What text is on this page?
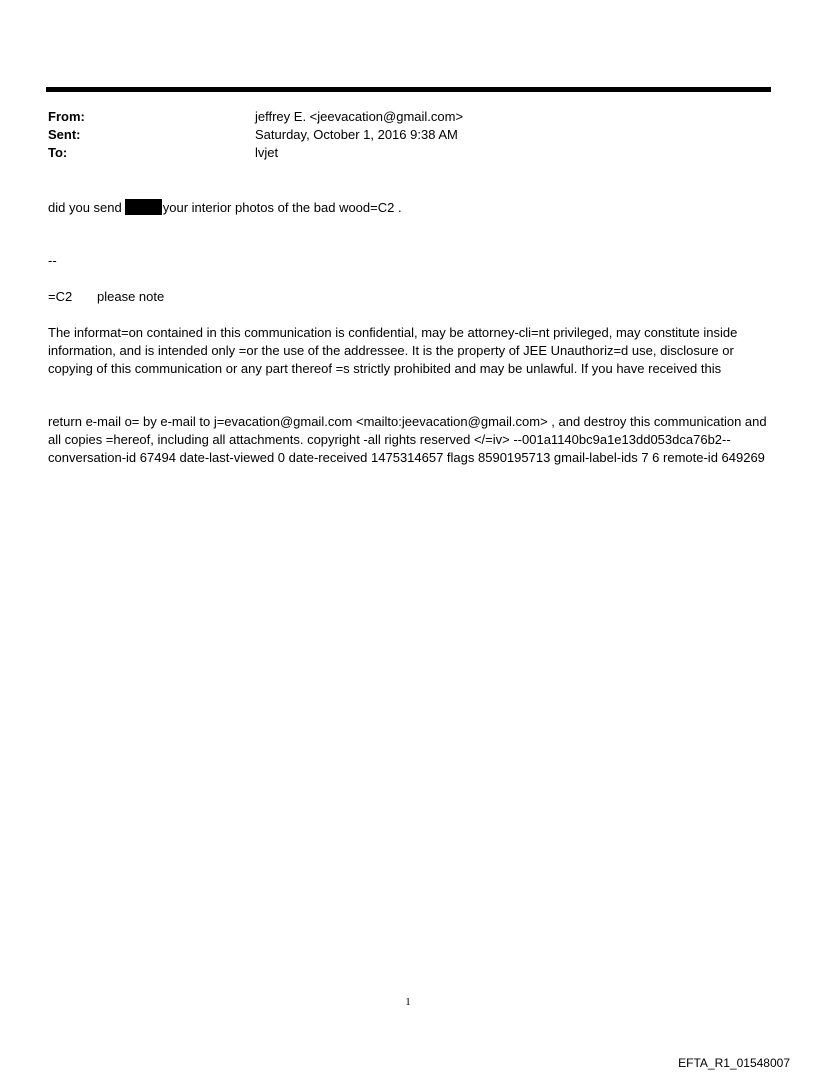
From:	jeffrey E. <jeevacation@gmail.com>
Sent:	Saturday, October 1, 2016 9:38 AM
To:	lvjet
did you send	your interior photos of the bad wood=C2 .
--
=C2 please note
The informat=on contained in this communication is confidential, may be attorney-cli=nt privileged, may constitute inside information, and is intended only =or the use of the addressee. It is the property of JEE Unauthoriz=d use, disclosure or copying of this communication or any part thereof =s strictly prohibited and may be unlawful. If you have received this
return e-mail o= by e-mail to j=evacation@gmail.com <mailto:jeevacation@gmail.com> , and destroy this communication and all copies =hereof, including all attachments. copyright -all rights reserved </=iv> --001a1140bc9a1e13dd053dca76b2-- conversation-id 67494 date-last-viewed 0 date-received 1475314657 flags 8590195713 gmail-label-ids 7 6 remote-id 649269
1
EFTA_R1_01548007
